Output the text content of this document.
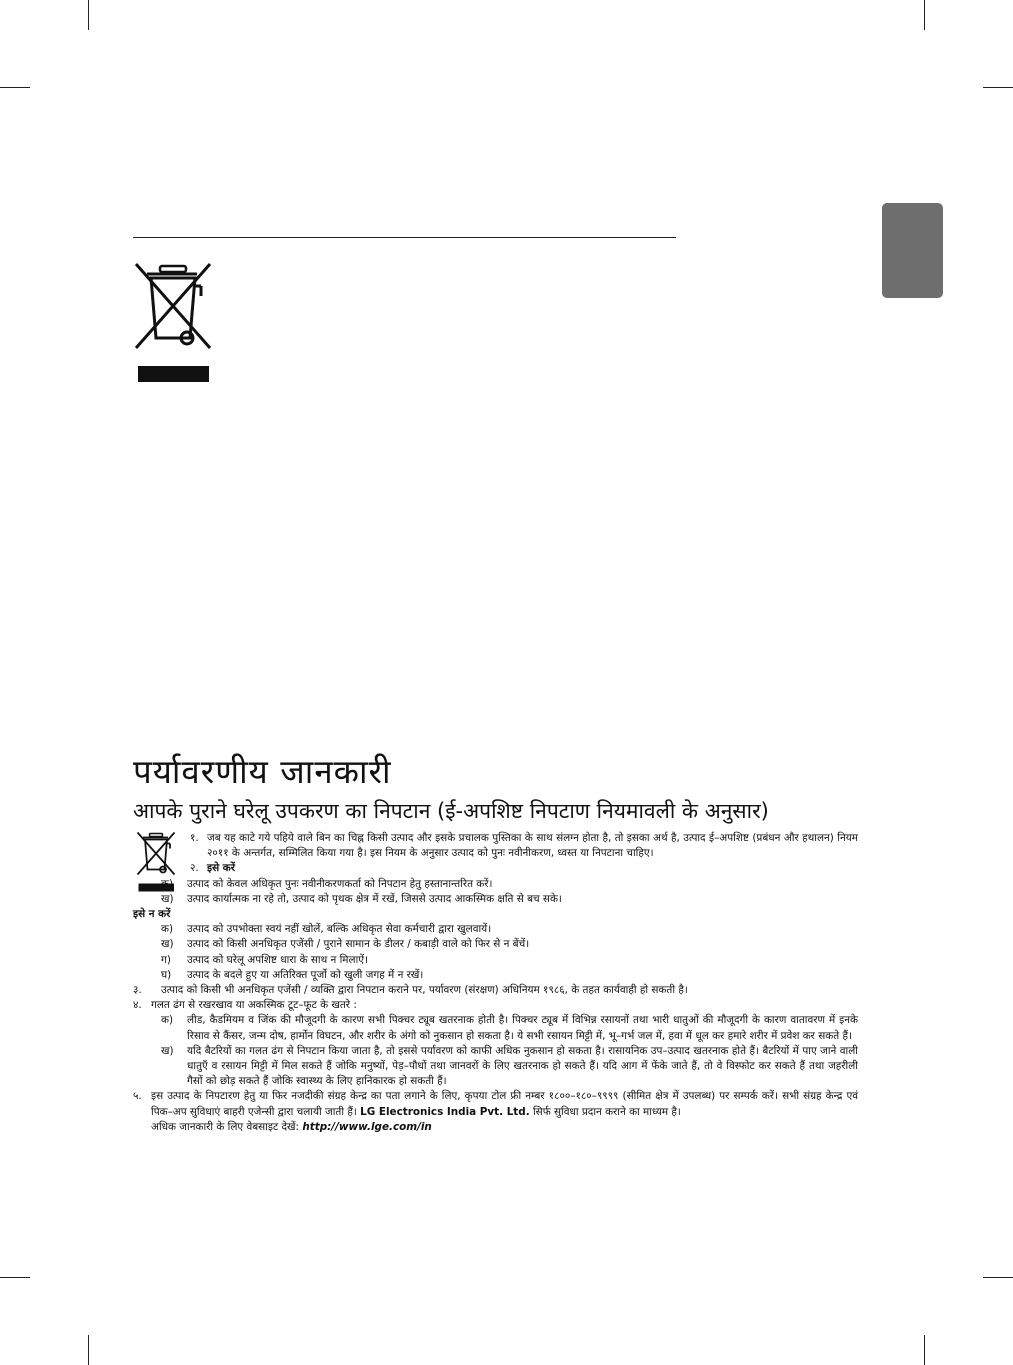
पर्यावरणीय जानकारी
आपके पुराने घरेलू उपकरण का निपटान (ई-अपशिष्ट निपटाण नियमावली के अनुसार)
१. जब यह काटे गये पहिये वाले बिन का चिह्न किसी उत्पाद और इसके प्रचालक पुस्तिका के साथ संलग्न होता है, तो इसका अर्थ है, उत्पाद ई–अपशिष्ट (प्रबंधन और हथालन) नियम २०११ के अन्तर्गत, सम्मिलित किया गया है। इस नियम के अनुसार उत्पाद को पुनः नवीनीकरण, ध्वस्त या निपटाना चाहिए।
२. इसे करें
क) उत्पाद को केवल अधिकृत पुनः नवीनीकरणकर्ता को निपटान हेतु हस्तानान्तरित करें।
ख) उत्पाद कार्यात्मक ना रहे तो, उत्पाद को पृथक क्षेत्र में रखें, जिससे उत्पाद आकस्मिक क्षति से बच सके।
इसे न करें
क) उत्पाद को उपभोक्ता स्वयं नहीं खोलें, बल्कि अधिकृत सेवा कर्मचारी द्वारा खुलवायें।
ख) उत्पाद को किसी अनधिकृत एजेंसी / पुराने सामान के डीलर / कबाड़ी वाले को फिर से न बेंचें।
ग) उत्पाद को घरेलू अपशिष्ट धारा के साथ न मिलाऐं।
घ) उत्पाद के बदले हुए या अतिरिक्त पूर्जो को खुली जगह में न रखें।
३. उत्पाद को किसी भी अनधिकृत एजेंसी / व्यक्ति द्वारा निपटान कराने पर, पर्यावरण (संरक्षण) अधिनियम १९८६, के तहत कार्यवाही हो सकती है।
४. गलत ढंग से रखरखाव या अकस्मिक टूट–फूट के खतरे :
क) लीड, कैडमियम व जिंक की मौजूदगी के कारण सभी पिक्चर ट्यूब खतरनाक होती है। पिक्चर ट्यूब में विभिन्न रसायनों तथा भारी धातुओं की मौजूदगी के कारण वातावरण में इनके रिसाव से कैंसर, जन्म दोष, हार्मोन विघटन, और शरीर के अंगो को नुकसान हो सकता है। ये सभी रसायन मिट्टी में, भू–गर्भ जल में, हवा में धूल कर हमारे शरीर में प्रवेश कर सकते हैं।
ख) यदि बैटरियों का गलत ढंग से निपटान किया जाता है, तो इससे पर्यावरण को काफी अधिक नुकसान हो सकता है। रासायनिक उप–उत्पाद खतरनाक होते हैं। बैटरियों में पाए जाने वाली धातुएँ व रसायन मिट्टी में मिल सकते हैं जोकि मनुष्यों, पेड़–पौधों तथा जानवरों के लिए खतरनाक हो सकते हैं। यदि आग में फेंके जाते हैं, तो वे विस्फोट कर सकते हैं तथा जहरीली गैसों को छोड़ सकते हैं जोकि स्वास्थ्य के लिए हानिकारक हो सकती हैं।
५. इस उत्पाद के निपटारण हेतु या फिर नजदीकी संग्रह केन्द्र का पता लगाने के लिए, कृपया टोल फ्री नम्बर १८००–१८०–९९९९ (सीमित क्षेत्र में उपलब्ध) पर सम्पर्क करें। सभी संग्रह केन्द्र एवं पिक–अप सुविधाएं बाहरी एजेन्सी द्वारा चलायी जाती हैं। LG Electronics India Pvt. Ltd. सिर्फ सुविधा प्रदान कराने का माध्यम है।
अधिक जानकारी के लिए वेबसाइट देखें: http://www.lge.com/in
